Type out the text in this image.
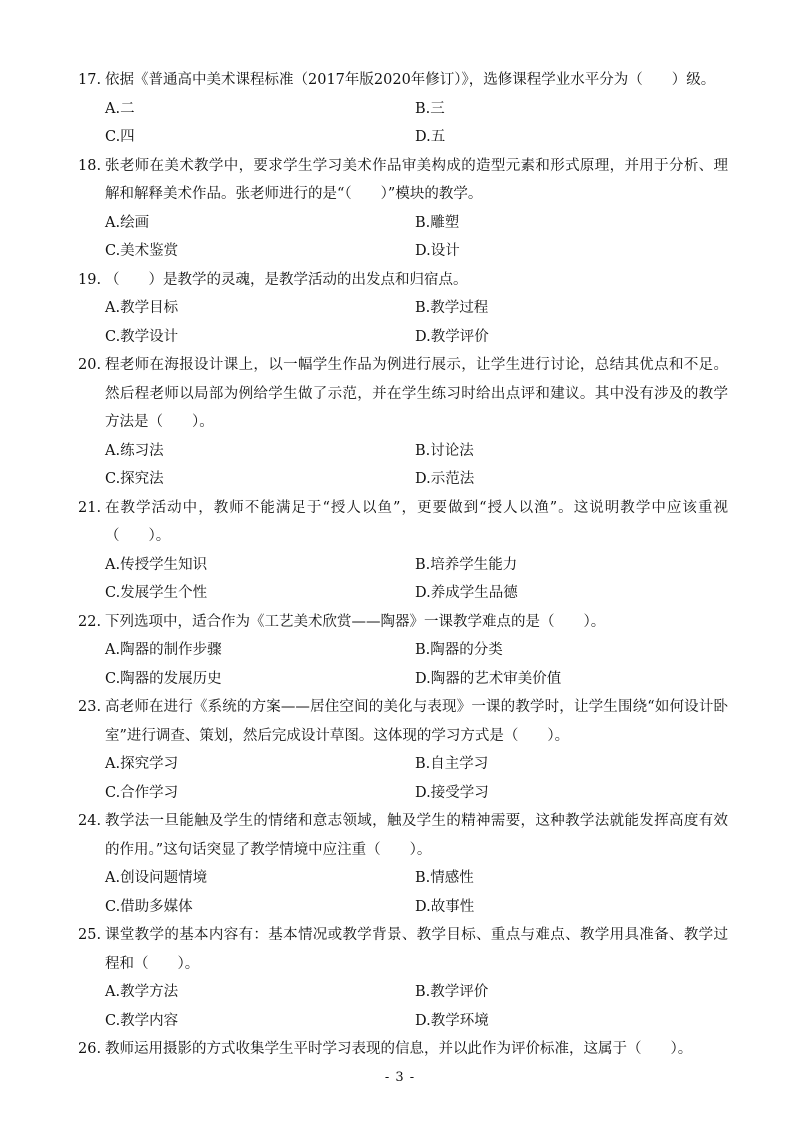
17. 依据《普通高中美术课程标准（2017年版2020年修订）》，选修课程学业水平分为（　　）级。
A.二	B.三
C.四	D.五
18. 张老师在美术教学中，要求学生学习美术作品审美构成的造型元素和形式原理，并用于分析、理解和解释美术作品。张老师进行的是“（　　）”模块的教学。
A.绘画	B.雕塑
C.美术鉴赏	D.设计
19. （　　）是教学的灵魂，是教学活动的出发点和归宿点。
A.教学目标	B.教学过程
C.教学设计	D.教学评价
20. 程老师在海报设计课上，以一幅学生作品为例进行展示，让学生进行讨论，总结其优点和不足。然后程老师以局部为例给学生做了示范，并在学生练习时给出点评和建议。其中没有涉及的教学方法是（　　）。
A.练习法	B.讨论法
C.探究法	D.示范法
21. 在教学活动中，教师不能满足于“授人以鱼”，更要做到“授人以渔”。这说明教学中应该重视（　　）。
A.传授学生知识	B.培养学生能力
C.发展学生个性	D.养成学生品德
22. 下列选项中，适合作为《工艺美术欣赏——陶器》一课教学难点的是（　　）。
A.陶器的制作步骤	B.陶器的分类
C.陶器的发展历史	D.陶器的艺术审美价值
23. 高老师在进行《系统的方案——居住空间的美化与表现》一课的教学时，让学生围绕“如何设计卧室”进行调查、策划，然后完成设计草图。这体现的学习方式是（　　）。
A.探究学习	B.自主学习
C.合作学习	D.接受学习
24. 教学法一旦能触及学生的情绪和意志领域，触及学生的精神需要，这种教学法就能发挥高度有效的作用。”这句话突显了教学情境中应注重（　　）。
A.创设问题情境	B.情感性
C.借助多媒体	D.故事性
25. 课堂教学的基本内容有：基本情况或教学背景、教学目标、重点与难点、教学用具准备、教学过程和（　　）。
A.教学方法	B.教学评价
C.教学内容	D.教学环境
26. 教师运用摄影的方式收集学生平时学习表现的信息，并以此作为评价标准，这属于（　　）。
- 3 -
